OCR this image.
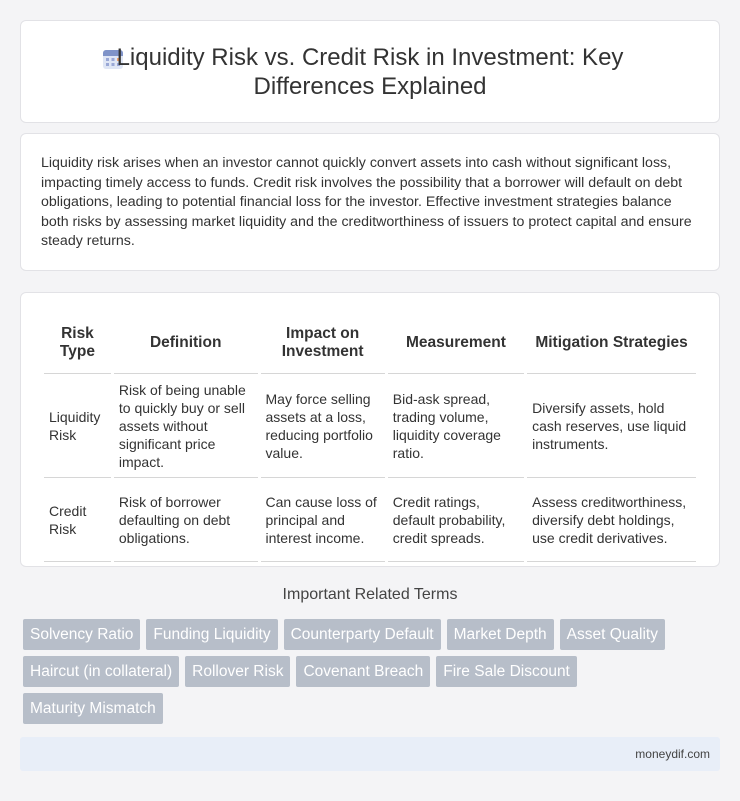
Liquidity Risk vs. Credit Risk in Investment: Key Differences Explained

Liquidity risk arises when an investor cannot quickly convert assets into cash without significant loss, impacting timely access to funds. Credit risk involves the possibility that a borrower will default on debt obligations, leading to potential financial loss for the investor. Effective investment strategies balance both risks by assessing market liquidity and the creditworthiness of issuers to protect capital and ensure steady returns.

Risk Type	Definition	Impact on Investment	Measurement	Mitigation Strategies
Liquidity Risk	Risk of being unable to quickly buy or sell assets without significant price impact.	May force selling assets at a loss, reducing portfolio value.	Bid-ask spread, trading volume, liquidity coverage ratio.	Diversify assets, hold cash reserves, use liquid instruments.
Credit Risk	Risk of borrower defaulting on debt obligations.	Can cause loss of principal and interest income.	Credit ratings, default probability, credit spreads.	Assess creditworthiness, diversify debt holdings, use credit derivatives.
Important Related Terms
Solvency Ratio	Funding Liquidity	Counterparty Default	Market Depth	Asset Quality
Haircut (in collateral)	Rollover Risk	Covenant Breach	Fire Sale Discount
Maturity Mismatch
moneydif.com
